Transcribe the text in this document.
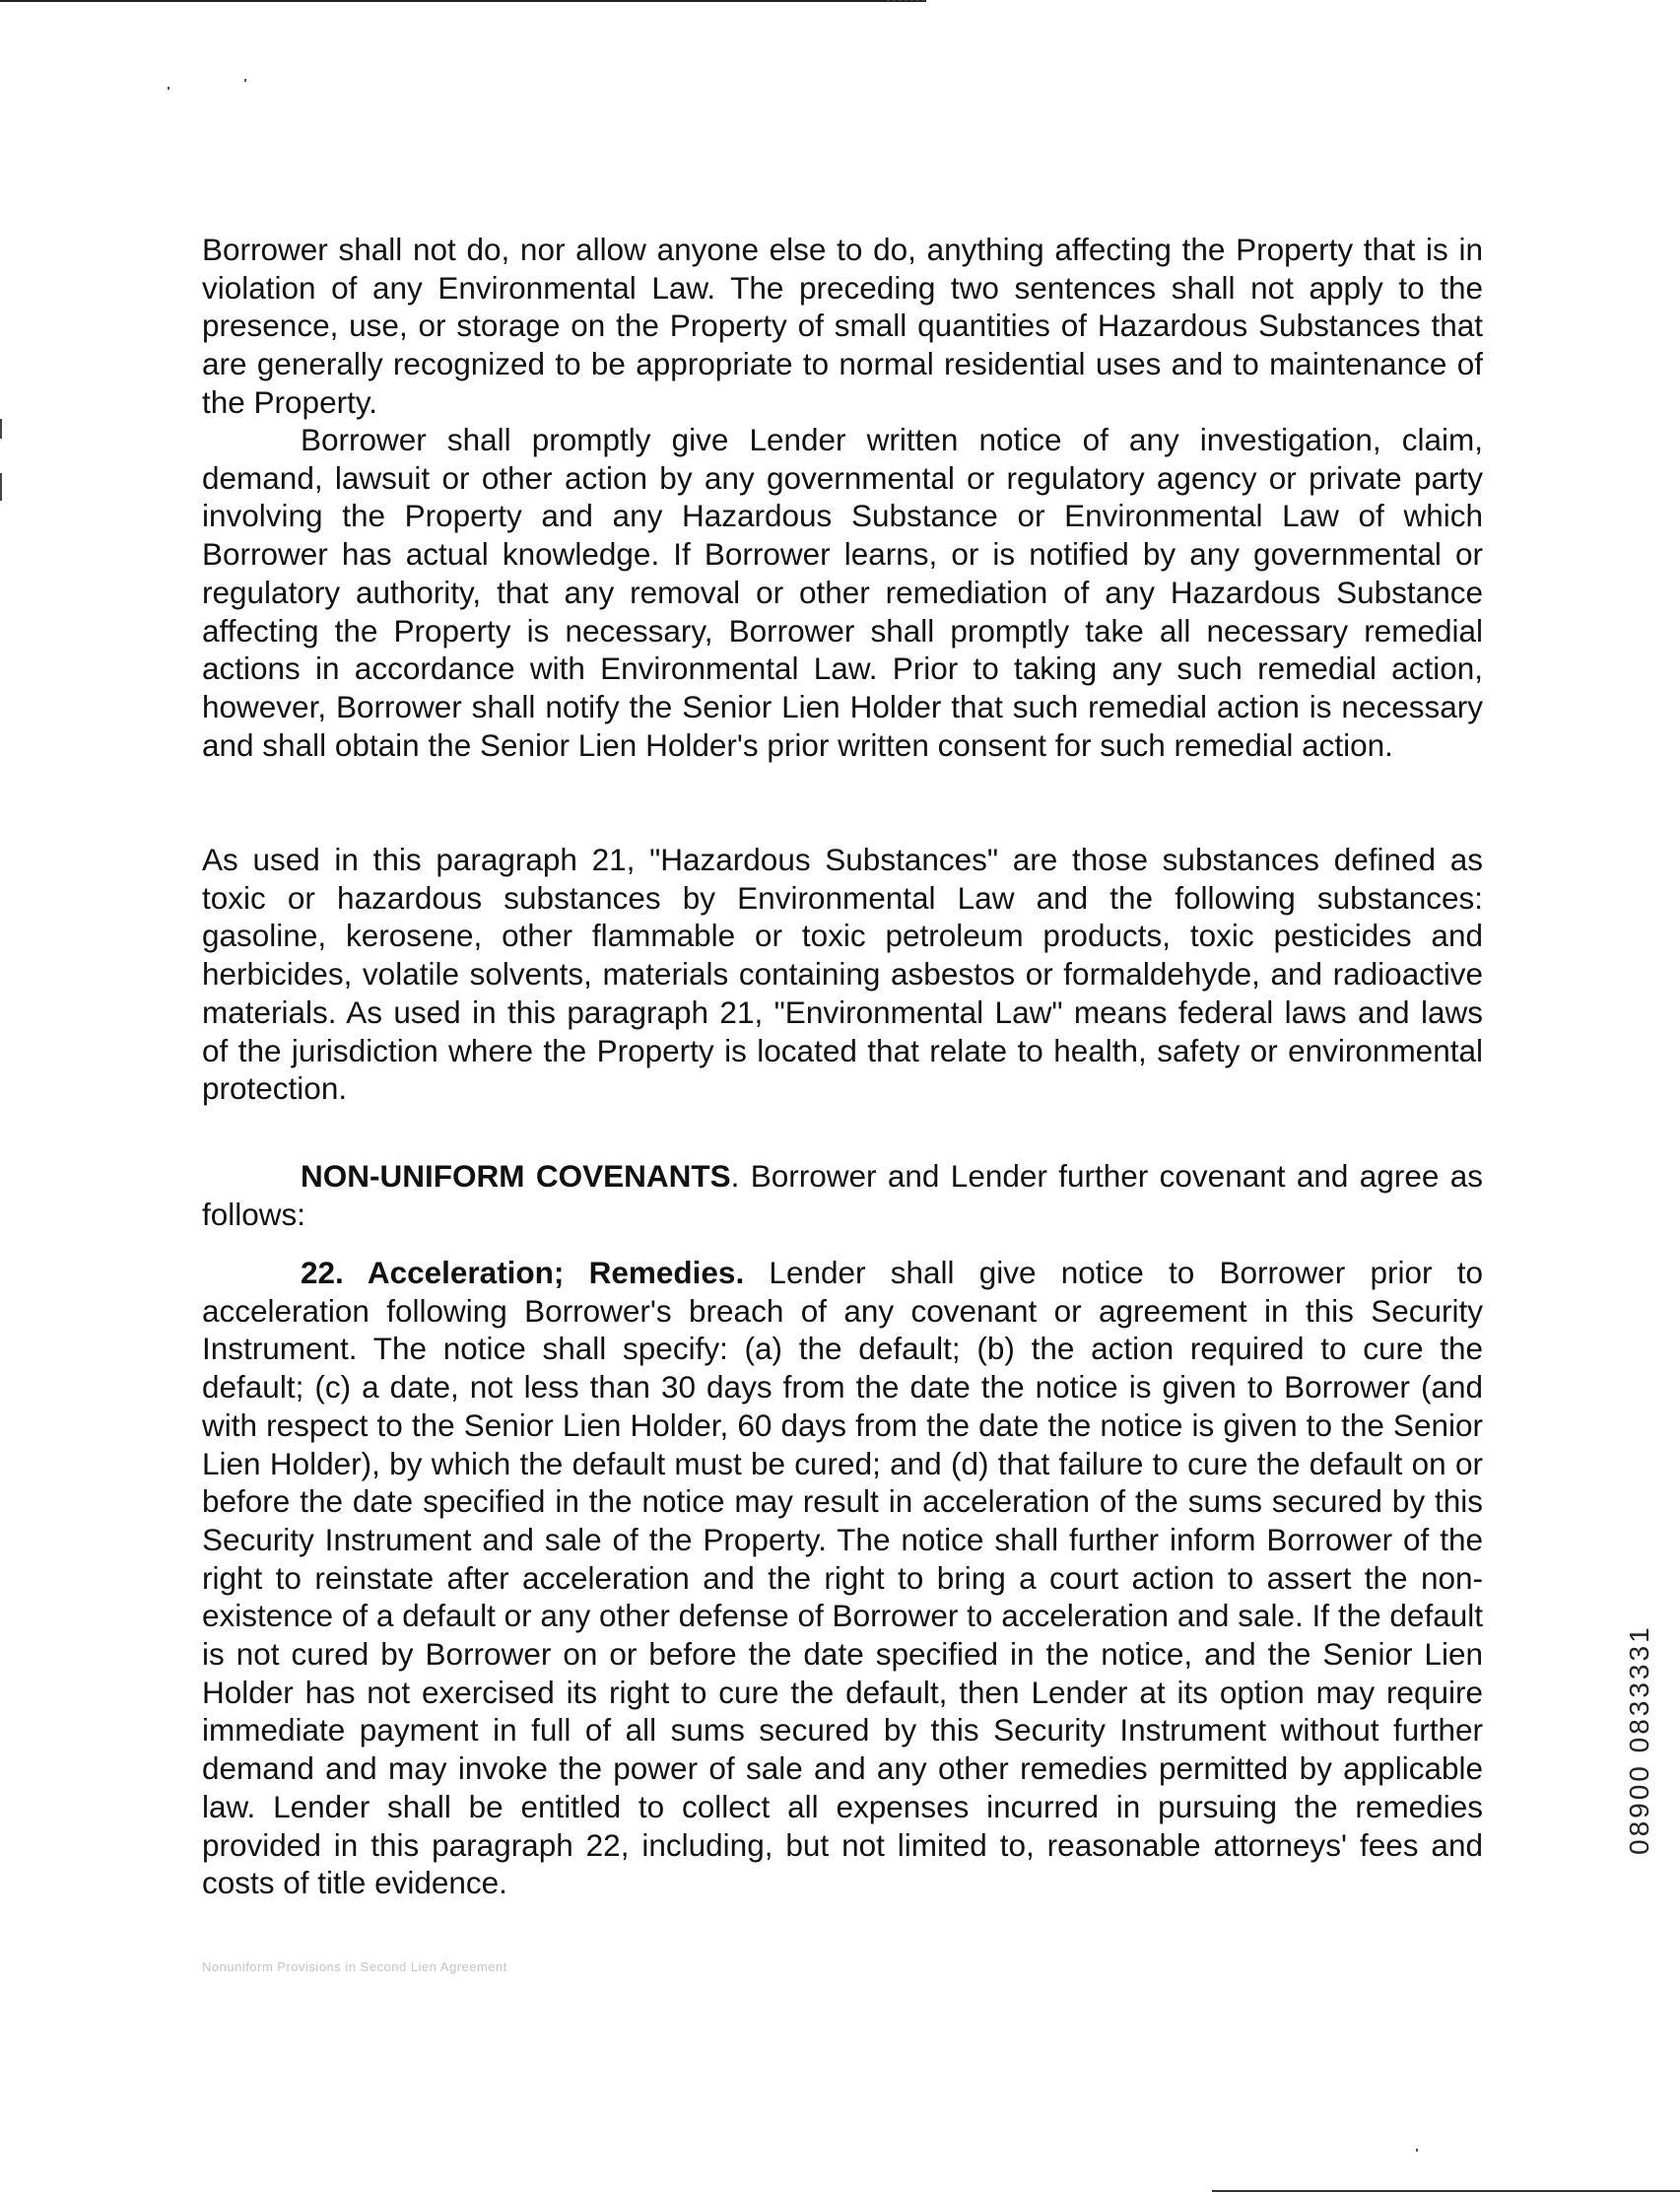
Borrower shall not do, nor allow anyone else to do, anything affecting the Property that is in violation of any Environmental Law. The preceding two sentences shall not apply to the presence, use, or storage on the Property of small quantities of Hazardous Substances that are generally recognized to be appropriate to normal residential uses and to maintenance of the Property.
Borrower shall promptly give Lender written notice of any investigation, claim, demand, lawsuit or other action by any governmental or regulatory agency or private party involving the Property and any Hazardous Substance or Environmental Law of which Borrower has actual knowledge. If Borrower learns, or is notified by any governmental or regulatory authority, that any removal or other remediation of any Hazardous Substance affecting the Property is necessary, Borrower shall promptly take all necessary remedial actions in accordance with Environmental Law. Prior to taking any such remedial action, however, Borrower shall notify the Senior Lien Holder that such remedial action is necessary and shall obtain the Senior Lien Holder's prior written consent for such remedial action.
As used in this paragraph 21, "Hazardous Substances" are those substances defined as toxic or hazardous substances by Environmental Law and the following substances: gasoline, kerosene, other flammable or toxic petroleum products, toxic pesticides and herbicides, volatile solvents, materials containing asbestos or formaldehyde, and radioactive materials. As used in this paragraph 21, "Environmental Law" means federal laws and laws of the jurisdiction where the Property is located that relate to health, safety or environmental protection.
NON-UNIFORM COVENANTS. Borrower and Lender further covenant and agree as follows:
22. Acceleration; Remedies. Lender shall give notice to Borrower prior to acceleration following Borrower's breach of any covenant or agreement in this Security Instrument. The notice shall specify: (a) the default; (b) the action required to cure the default; (c) a date, not less than 30 days from the date the notice is given to Borrower (and with respect to the Senior Lien Holder, 60 days from the date the notice is given to the Senior Lien Holder), by which the default must be cured; and (d) that failure to cure the default on or before the date specified in the notice may result in acceleration of the sums secured by this Security Instrument and sale of the Property. The notice shall further inform Borrower of the right to reinstate after acceleration and the right to bring a court action to assert the non-existence of a default or any other defense of Borrower to acceleration and sale. If the default is not cured by Borrower on or before the date specified in the notice, and the Senior Lien Holder has not exercised its right to cure the default, then Lender at its option may require immediate payment in full of all sums secured by this Security Instrument without further demand and may invoke the power of sale and any other remedies permitted by applicable law. Lender shall be entitled to collect all expenses incurred in pursuing the remedies provided in this paragraph 22, including, but not limited to, reasonable attorneys' fees and costs of title evidence.
08900 0833331
Nonuniform Provisions in Second Lien Agreement
